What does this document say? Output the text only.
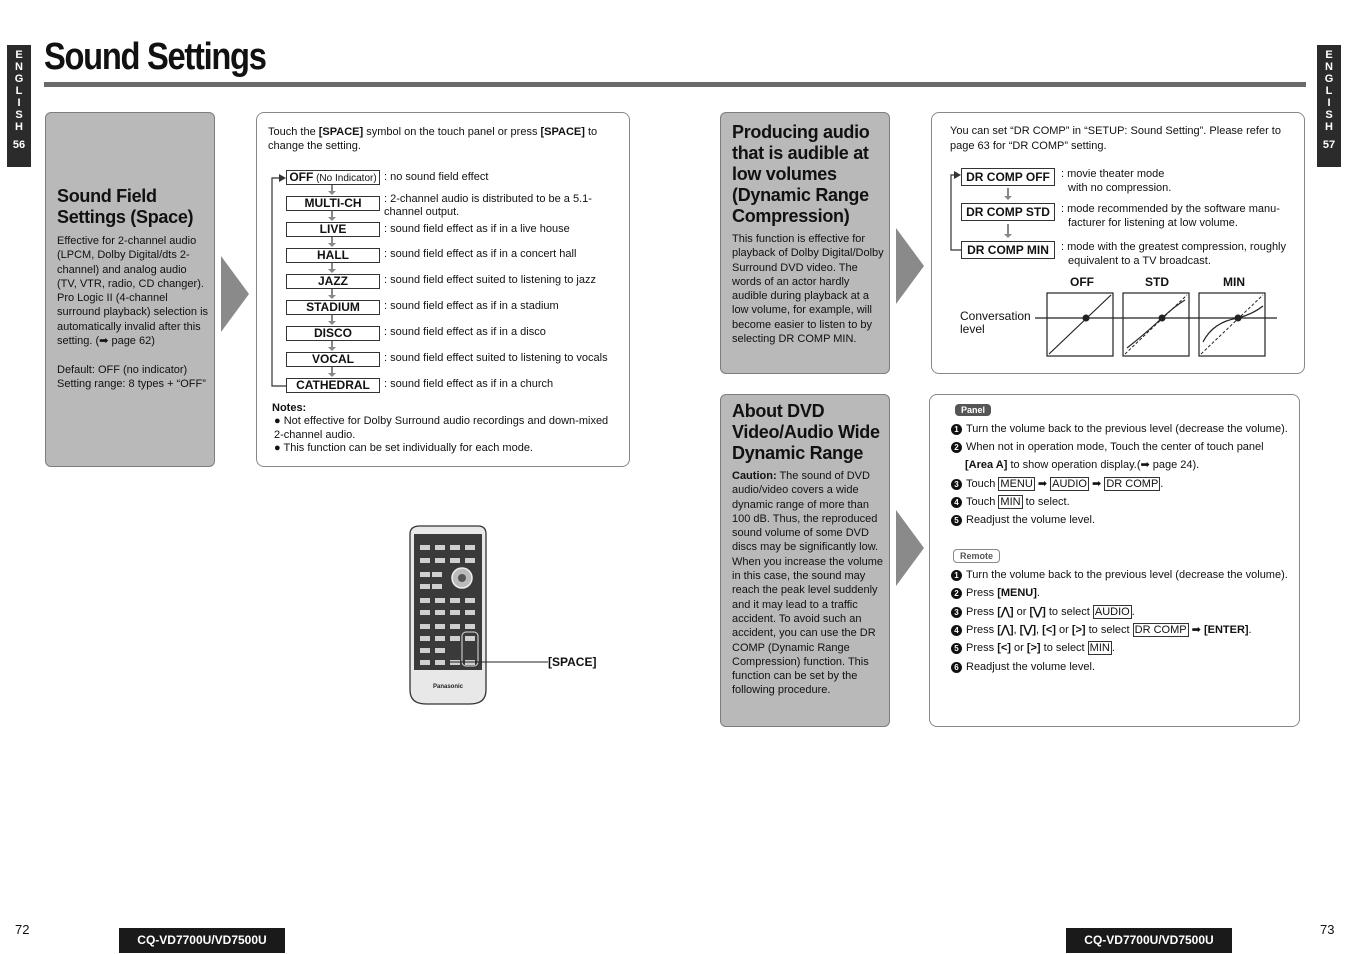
E
N
G
L
I
S
H
56
E
N
G
L
I
S
H
57
Sound Settings
Sound Field Settings (Space)
Effective for 2-channel audio (LPCM, Dolby Digital/dts 2-channel) and analog audio (TV, VTR, radio, CD changer). Pro Logic II (4-channel surround playback) selection is automatically invalid after this setting. (➡ page 62)
Default: OFF (no indicator)
Setting range: 8 types + “OFF”
Touch the [SPACE] symbol on the touch panel or press [SPACE] to change the setting.
OFF (No Indicator) : no sound field effect
MULTI-CH	: 2-channel audio is distributed to be a 5.1-channel output.
LIVE	: sound field effect as if in a live house
HALL	: sound field effect as if in a concert hall
JAZZ	: sound field effect suited to listening to jazz
STADIUM	: sound field effect as if in a stadium
DISCO	: sound field effect as if in a disco
VOCAL	: sound field effect suited to listening to vocals
CATHEDRAL	: sound field effect as if in a church
Notes:
● Not effective for Dolby Surround audio recordings and down-mixed 2-channel audio.
● This function can be set individually for each mode.
Panasonic
[SPACE]
Producing audio that is audible at low volumes (Dynamic Range Compression)
This function is effective for playback of Dolby Digital/Dolby Surround DVD video. The words of an actor hardly audible during playback at a low volume, for example, will become easier to listen to by selecting DR COMP MIN.
You can set “DR COMP” in “SETUP: Sound Setting”. Please refer to page 63 for “DR COMP” setting.
DR COMP OFF	: movie theater mode
with no compression.
DR COMP STD	: mode recommended by the software manu-
facturer for listening at low volume.
DR COMP MIN	: mode with the greatest compression, roughly
equivalent to a TV broadcast.
OFF	STD	MIN
Conversation
level
About DVD Video/Audio Wide Dynamic Range
Caution: The sound of DVD audio/video covers a wide dynamic range of more than 100 dB. Thus, the reproduced sound volume of some DVD discs may be significantly low. When you increase the volume in this case, the sound may reach the peak level suddenly and it may lead to a traffic accident. To avoid such an accident, you can use the DR COMP (Dynamic Range Compression) function. This function can be set by the following procedure.
Panel
1 Turn the volume back to the previous level (decrease the volume).
2 When not in operation mode, Touch the center of touch panel
[Area A] to show operation display.(➡ page 24).
3 Touch MENU ➡ AUDIO ➡ DR COMP .
4 Touch MIN to select.
5 Readjust the volume level.
Remote
1 Turn the volume back to the previous level (decrease the volume).
2 Press [MENU].
3 Press [⋀] or [⋁] to select AUDIO .
4 Press [⋀], [⋁], [<] or [>] to select DR COMP ➡ [ENTER].
5 Press [<] or [>] to select MIN .
6 Readjust the volume level.
72
CQ-VD7700U/VD7500U	CQ-VD7700U/VD7500U
73
